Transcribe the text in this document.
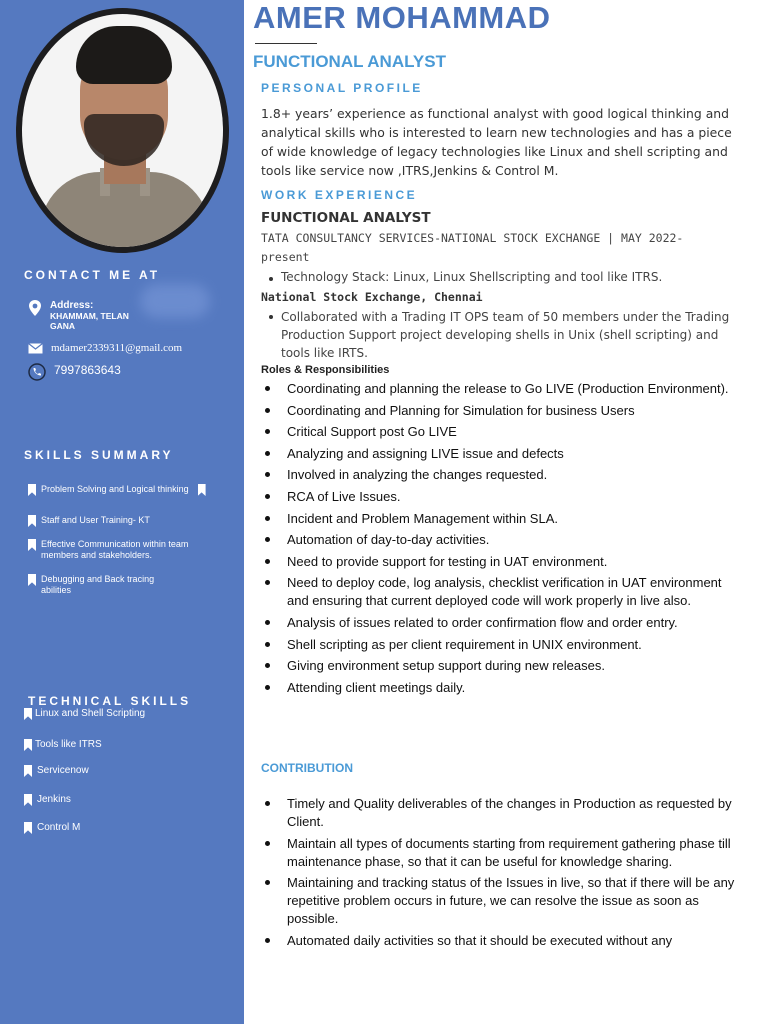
CONTACT ME AT
Address:
KHAMMAM, TELAN GANA
mdamer2339311@gmail.com
7997863643
SKILLS SUMMARY
Problem Solving and Logical thinking
Staff and User Training- KT
Effective Communication within team members and stakeholders.
Debugging and Back tracing abilities
TECHNICAL SKILLS
Linux and Shell Scripting
Tools like ITRS
Servicenow
Jenkins
Control M
AMER MOHAMMAD
FUNCTIONAL ANALYST
PERSONAL PROFILE
1.8+ years’ experience as functional analyst with good logical thinking and analytical skills who is interested to learn new technologies and has a piece of wide knowledge of legacy technologies like Linux and shell scripting and tools like service now ,ITRS,Jenkins & Control M.
WORK EXPERIENCE
FUNCTIONAL ANALYST
TATA CONSULTANCY SERVICES-NATIONAL STOCK EXCHANGE | MAY 2022-present
Technology Stack: Linux, Linux Shellscripting and tool like ITRS.
National Stock Exchange, Chennai
Collaborated with a Trading IT OPS team of 50 members under the Trading Production Support project developing shells in Unix (shell scripting) and tools like IRTS.
Roles & Responsibilities
Coordinating and planning the release to Go LIVE (Production Environment).
Coordinating and Planning for Simulation for business Users
Critical Support post Go LIVE
Analyzing and assigning LIVE issue and defects
Involved in analyzing the changes requested.
RCA of Live Issues.
Incident and Problem Management within SLA.
Automation of day-to-day activities.
Need to provide support for testing in UAT environment.
Need to deploy code, log analysis, checklist verification in UAT environment and ensuring that current deployed code will work properly in live also.
Analysis of issues related to order confirmation flow and order entry.
Shell scripting as per client requirement in UNIX environment.
Giving environment setup support during new releases.
Attending client meetings daily.
CONTRIBUTION
Timely and Quality deliverables of the changes in Production as requested by Client.
Maintain all types of documents starting from requirement gathering phase till maintenance phase, so that it can be useful for knowledge sharing.
Maintaining and tracking status of the Issues in live, so that if there will be any repetitive problem occurs in future, we can resolve the issue as soon as possible.
Automated daily activities so that it should be executed without any
